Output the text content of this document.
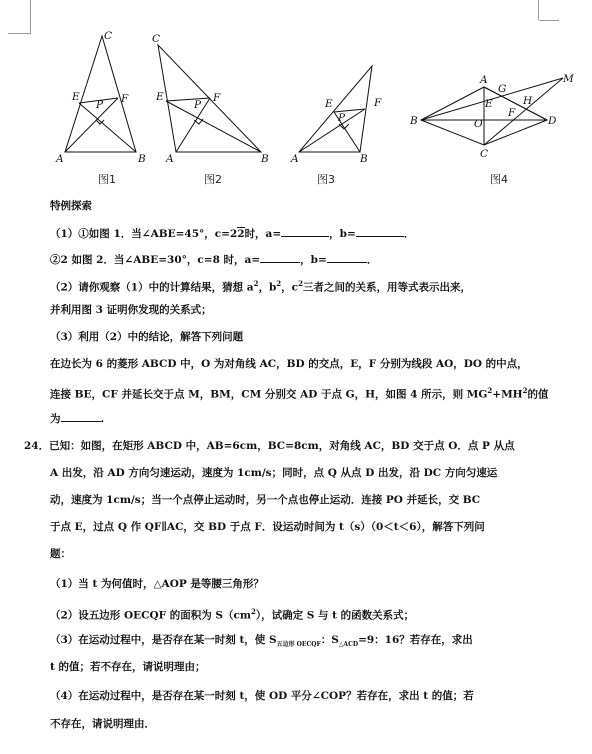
C
E	F
P
A	B
C
E
P
F
A	B
E	F
P
A	B
A
G
M
E	H
B	O
F
D
C
图1	图2	图3	图4
特例探索
（1）①如图 1．当∠ABE=45°，c=22时，a=	，b=	．
②2 如图 2．当∠ABE=30°，c=8 时，a=	，b=	．
（2）请你观察（1）中的计算结果，猜想 $a^2$，$b^2$，$c^2$三者之间的关系，用等式表示出来，
并利用图 3 证明你发现的关系式；
（3）利用（2）中的结论，解答下列问题
在边长为 6 的菱形 ABCD 中，O 为对角线 AC，BD 的交点，E，F 分别为线段 AO，DO 的中点，
连接 BE，CF 并延长交于点 M，BM，CM 分别交 AD 于点 G，H，如图 4 所示，则 $MG^2+MH^2$的值
为	.
24．已知：如图，在矩形 ABCD 中，AB=6cm，BC=8cm，对角线 AC，BD 交于点 O．点 P 从点
A 出发，沿 AD 方向匀速运动，速度为 1cm/s；同时，点 Q 从点 D 出发，沿 DC 方向匀速运
动，速度为 1cm/s；当一个点停止运动时，另一个点也停止运动．连接 PO 并延长，交 BC
于点 E，过点 Q 作 QF∥AC，交 BD 于点 F．设运动时间为 t（s）（0＜t＜6），解答下列问
题：
（1）当 t 为何值时，△AOP 是等腰三角形？
（2）设五边形 OECQF 的面积为 $S(cm^2)$，试确定 S 与 t 的函数关系式；
（3）在运动过程中，是否存在某一时刻 t，使 $S_{五边形 OECQF}$：$S_{\triangle ACD}=9$：16？若存在，求出
t 的值；若不存在，请说明理由；
（4）在运动过程中，是否存在某一时刻 t，使 OD 平分∠COP？若存在，求出 t 的值；若
不存在，请说明理由．
